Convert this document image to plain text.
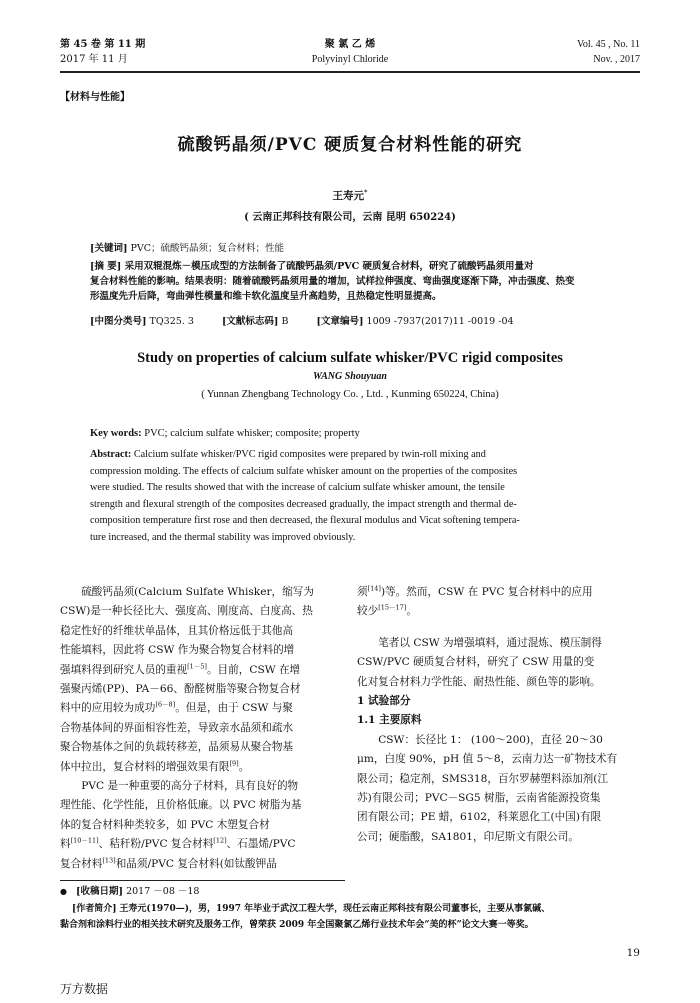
第 45 卷 第 11 期
2017 年 11 月
聚 氯 乙 烯
Polyvinyl Chloride
Vol. 45 , No. 11
Nov. , 2017
【材料与性能】
硫酸钙晶须/PVC 硬质复合材料性能的研究
王寿元*
( 云南正邦科技有限公司，云南 昆明 650224)
[关键词] PVC；硫酸钙晶须；复合材料；性能
[摘 要] 采用双辊混炼－模压成型的方法制备了硫酸钙晶须/PVC 硬质复合材料，研究了硫酸钙晶须用量对
复合材料性能的影响。结果表明：随着硫酸钙晶须用量的增加，试样拉伸强度、弯曲强度逐渐下降，冲击强度、热变
形温度先升后降，弯曲弹性模量和维卡软化温度呈升高趋势，且热稳定性明显提高。
[中图分类号] TQ325. 3	[文献标志码] B	[文章编号] 1009 -7937(2017)11 -0019 -04
Study on properties of calcium sulfate whisker/PVC rigid composites
WANG Shouyuan
( Yunnan Zhengbang Technology Co. , Ltd. , Kunming 650224, China)
Key words: PVC; calcium sulfate whisker; composite; property
Abstract: Calcium sulfate whisker/PVC rigid composites were prepared by twin-roll mixing and
compression molding. The effects of calcium sulfate whisker amount on the properties of the composites
were studied. The results showed that with the increase of calcium sulfate whisker amount, the tensile
strength and flexural strength of the composites decreased gradually, the impact strength and thermal de-
composition temperature first rose and then decreased, the flexural modulus and Vicat softening tempera-
ture increased, and the thermal stability was improved obviously.
硫酸钙晶须(Calcium Sulfate Whisker，缩写为
CSW)是一种长径比大、强度高、刚度高、白度高、热
稳定性好的纤维状单晶体，且其价格远低于其他高
性能填料，因此将 CSW 作为聚合物复合材料的增
强填料得到研究人员的重视[1－5]。目前，CSW 在增
强聚丙烯(PP)、PA－66、酚醛树脂等聚合物复合材
料中的应用较为成功[6－8]。但是，由于 CSW 与聚
合物基体间的界面相容性差，导致亲水晶须和疏水
聚合物基体之间的负载转移差，晶须易从聚合物基
体中拉出，复合材料的增强效果有限[9]。
PVC 是一种重要的高分子材料，具有良好的物
理性能、化学性能，且价格低廉。以 PVC 树脂为基
体的复合材料种类较多，如 PVC 木塑复合材
料[10－11]、秸秆粉/PVC 复合材料[12]、石墨烯/PVC
复合材料[13]和晶须/PVC 复合材料(如钛酸钾晶
须[14])等。然而，CSW 在 PVC 复合材料中的应用
较少[15－17]。
笔者以 CSW 为增强填料，通过混炼、模压制得
CSW/PVC 硬质复合材料，研究了 CSW 用量的变
化对复合材料力学性能、耐热性能、颜色等的影响。
1 试验部分
1.1 主要原料
CSW：长径比 1： (100～200)，直径 20～30
μm，白度 90%，pH 值 5～8，云南力达一矿物技术有
限公司；稳定剂，SMS318，百尔罗赫塑料添加剂(江
苏)有限公司；PVC－SG5 树脂，云南省能源投资集
团有限公司；PE 蜡，6102，科莱恩化工(中国)有限
公司；硬脂酸，SA1801，印尼斯文有限公司。
● [收稿日期] 2017 －08 －18
[作者简介] 王寿元(1970—)，男，1997 年毕业于武汉工程大学，现任云南正邦科技有限公司董事长，主要从事氯碱、
黏合剂和涂料行业的相关技术研究及服务工作，曾荣获 2009 年全国聚氯乙烯行业技术年会“美的杯”论文大赛一等奖。
19
万方数据
